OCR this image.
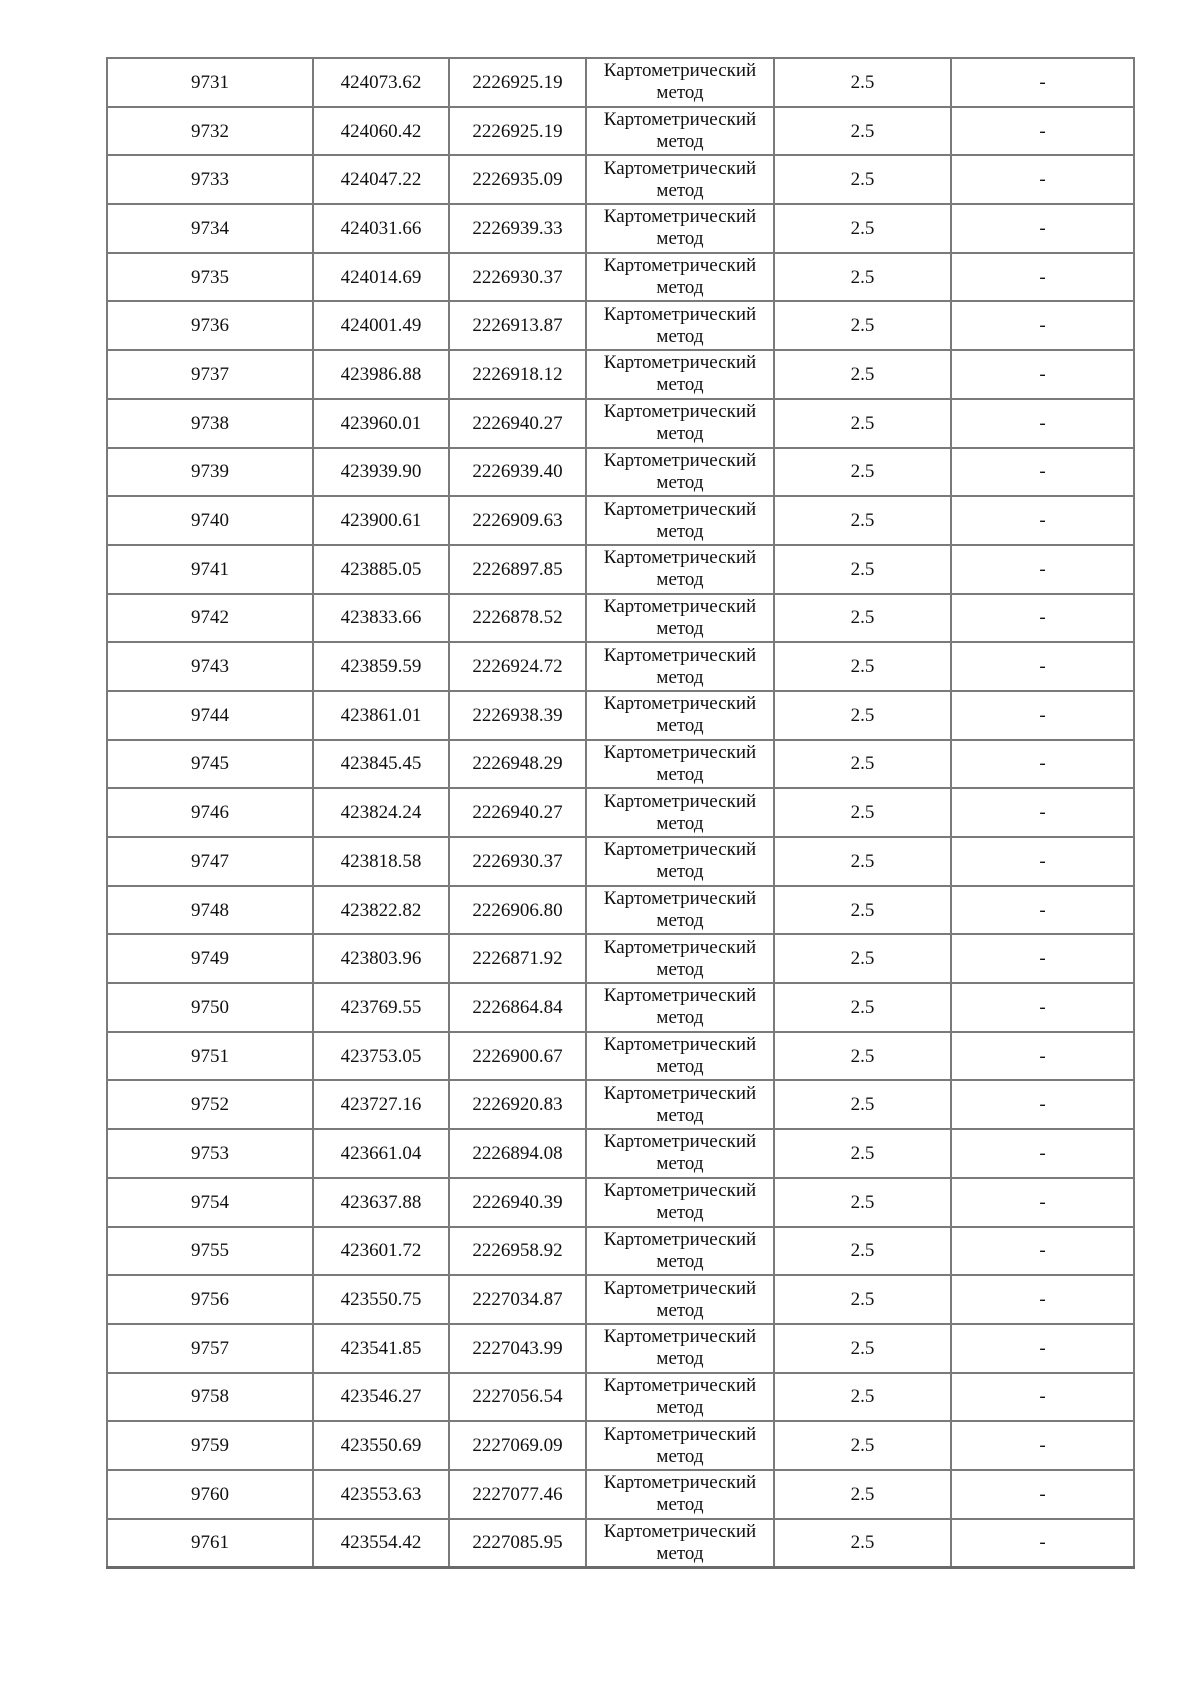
9731	424073.62	2226925.19	Картометрический метод	2.5	-
9732	424060.42	2226925.19	Картометрический метод	2.5	-
9733	424047.22	2226935.09	Картометрический метод	2.5	-
9734	424031.66	2226939.33	Картометрический метод	2.5	-
9735	424014.69	2226930.37	Картометрический метод	2.5	-
9736	424001.49	2226913.87	Картометрический метод	2.5	-
9737	423986.88	2226918.12	Картометрический метод	2.5	-
9738	423960.01	2226940.27	Картометрический метод	2.5	-
9739	423939.90	2226939.40	Картометрический метод	2.5	-
9740	423900.61	2226909.63	Картометрический метод	2.5	-
9741	423885.05	2226897.85	Картометрический метод	2.5	-
9742	423833.66	2226878.52	Картометрический метод	2.5	-
9743	423859.59	2226924.72	Картометрический метод	2.5	-
9744	423861.01	2226938.39	Картометрический метод	2.5	-
9745	423845.45	2226948.29	Картометрический метод	2.5	-
9746	423824.24	2226940.27	Картометрический метод	2.5	-
9747	423818.58	2226930.37	Картометрический метод	2.5	-
9748	423822.82	2226906.80	Картометрический метод	2.5	-
9749	423803.96	2226871.92	Картометрический метод	2.5	-
9750	423769.55	2226864.84	Картометрический метод	2.5	-
9751	423753.05	2226900.67	Картометрический метод	2.5	-
9752	423727.16	2226920.83	Картометрический метод	2.5	-
9753	423661.04	2226894.08	Картометрический метод	2.5	-
9754	423637.88	2226940.39	Картометрический метод	2.5	-
9755	423601.72	2226958.92	Картометрический метод	2.5	-
9756	423550.75	2227034.87	Картометрический метод	2.5	-
9757	423541.85	2227043.99	Картометрический метод	2.5	-
9758	423546.27	2227056.54	Картометрический метод	2.5	-
9759	423550.69	2227069.09	Картометрический метод	2.5	-
9760	423553.63	2227077.46	Картометрический метод	2.5	-
9761	423554.42	2227085.95	Картометрический метод	2.5	-
